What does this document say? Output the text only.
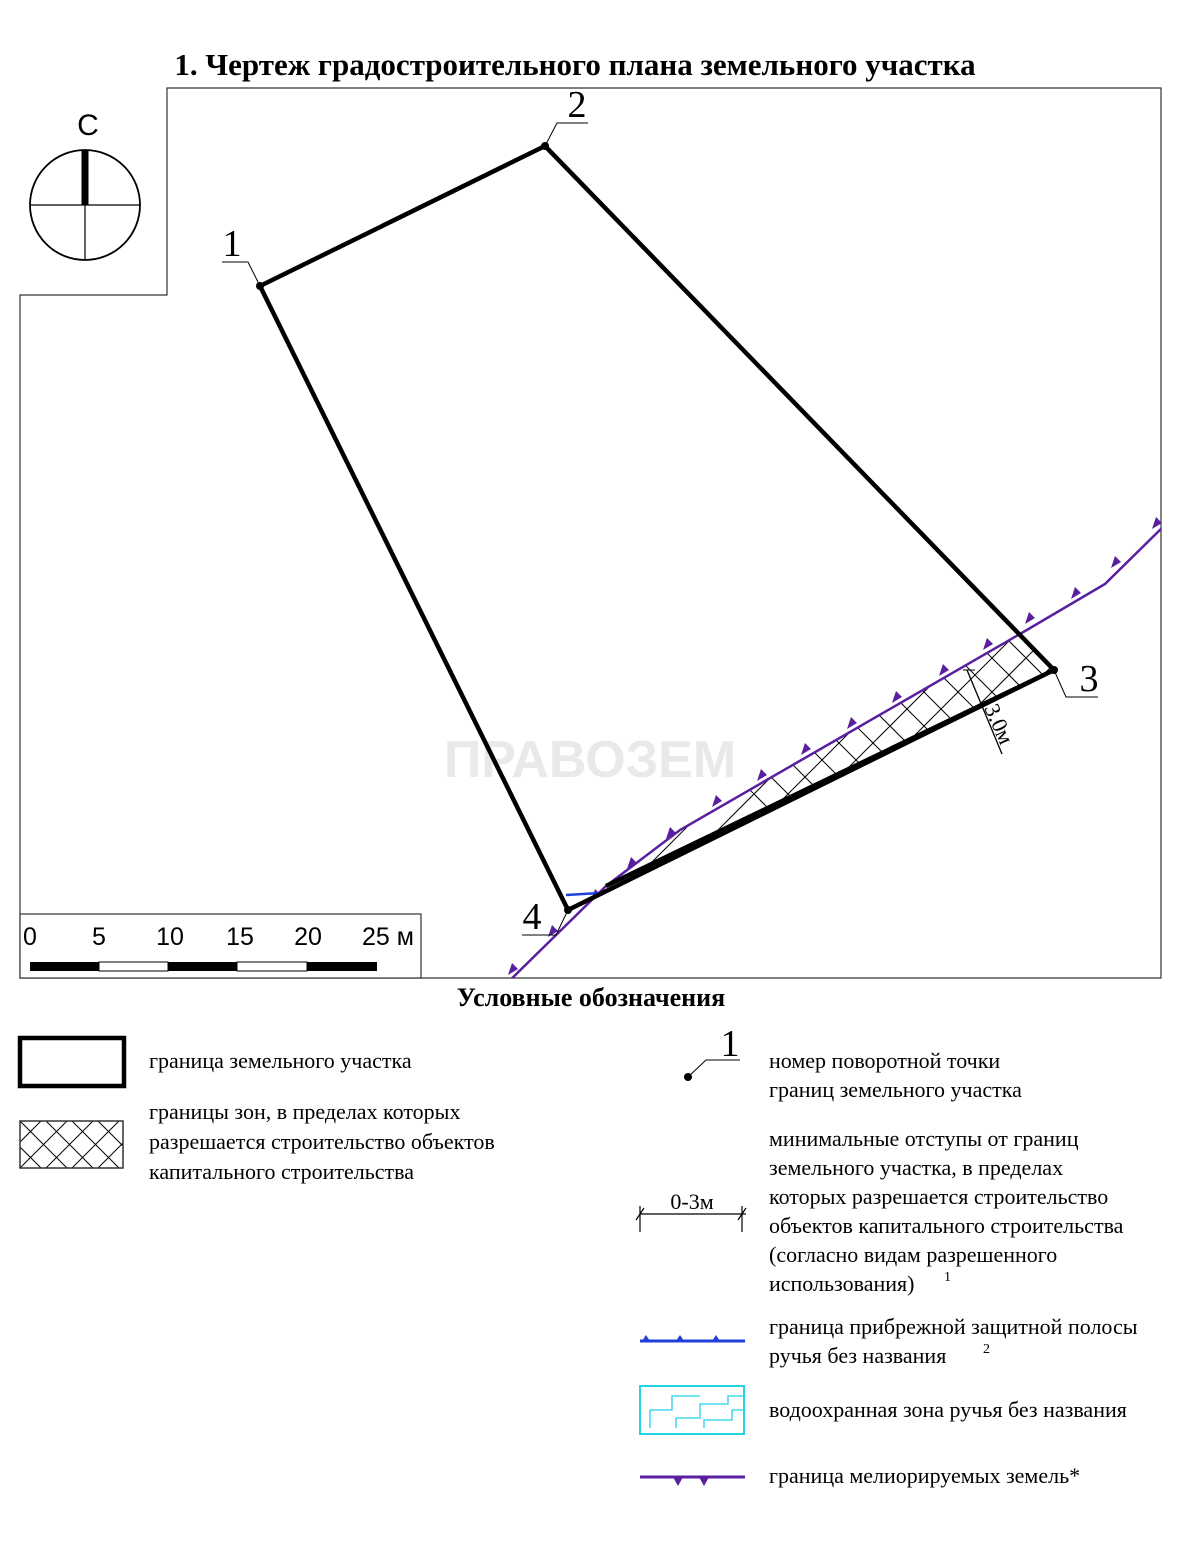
1. Чертеж градостроительного плана земельного участка
ПРАВОЗЕМ
С
1
2
3
4
3.0м
0 5 10 15 20 25 м
Условные обозначения
граница земельного участка
границы зон, в пределах которых
разрешается строительство объектов
капитального строительства
1 номер поворотной точки
границ земельного участка
0-3м
минимальные отступы от границ
земельного участка, в пределах
которых разрешается строительство
объектов капитального строительства
(согласно видам разрешенного
использования) 1
граница прибрежной защитной полосы
ручья без названия	2
водоохранная зона ручья без названия
граница мелиорируемых земель*
